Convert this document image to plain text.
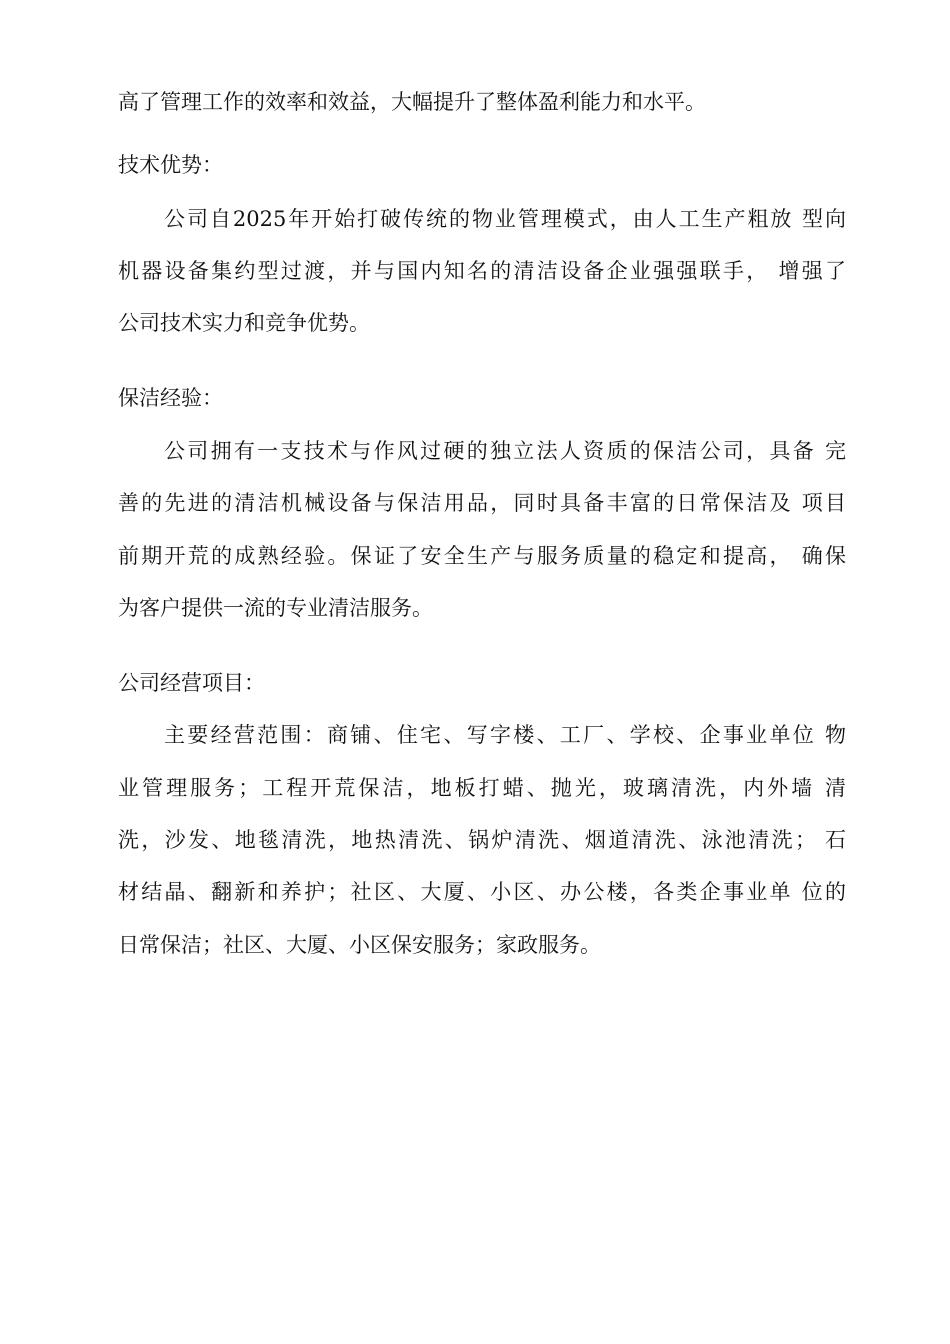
高了管理工作的效率和效益，大幅提升了整体盈利能力和水平。
技术优势：
公司自2025年开始打破传统的物业管理模式，由人工生产粗放 型向
机器设备集约型过渡，并与国内知名的清洁设备企业强强联手， 增强了
公司技术实力和竞争优势。
保洁经验：
公司拥有一支技术与作风过硬的独立法人资质的保洁公司，具备 完
善的先进的清洁机械设备与保洁用品，同时具备丰富的日常保洁及 项目
前期开荒的成熟经验。保证了安全生产与服务质量的稳定和提高， 确保
为客户提供一流的专业清洁服务。
公司经营项目：
主要经营范围：商铺、住宅、写字楼、工厂、学校、企事业单位 物
业管理服务；工程开荒保洁，地板打蜡、抛光，玻璃清洗，内外墙 清
洗，沙发、地毯清洗，地热清洗、锅炉清洗、烟道清洗、泳池清洗； 石
材结晶、翻新和养护；社区、大厦、小区、办公楼，各类企事业单 位的
日常保洁；社区、大厦、小区保安服务；家政服务。
